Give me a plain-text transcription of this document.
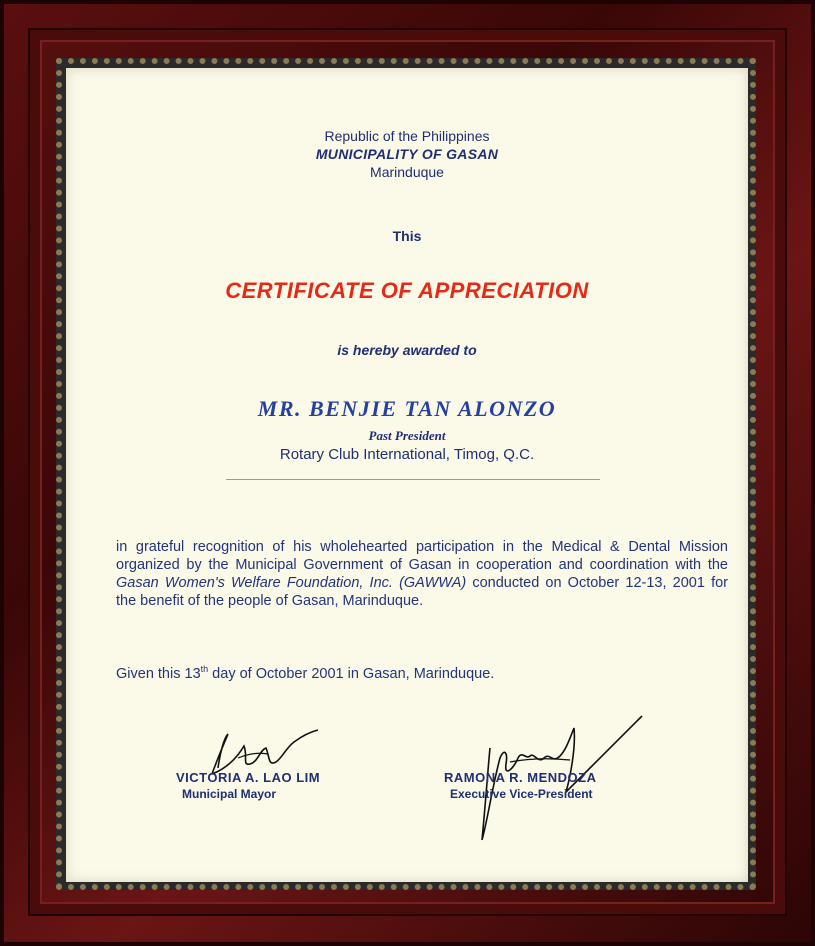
Republic of the Philippines
MUNICIPALITY OF GASAN
Marinduque
This
CERTIFICATE OF APPRECIATION
is hereby awarded to
MR. BENJIE TAN ALONZO
Past President
Rotary Club International, Timog, Q.C.
in grateful recognition of his wholehearted participation in the Medical & Dental Mission organized by the Municipal Government of Gasan in cooperation and coordination with the Gasan Women's Welfare Foundation, Inc. (GAWWA) conducted on October 12-13, 2001 for the benefit of the people of Gasan, Marinduque.
Given this 13th day of October 2001 in Gasan, Marinduque.
VICTORIA A. LAO LIM
Municipal Mayor
RAMONA R. MENDOZA
Executive Vice-President
